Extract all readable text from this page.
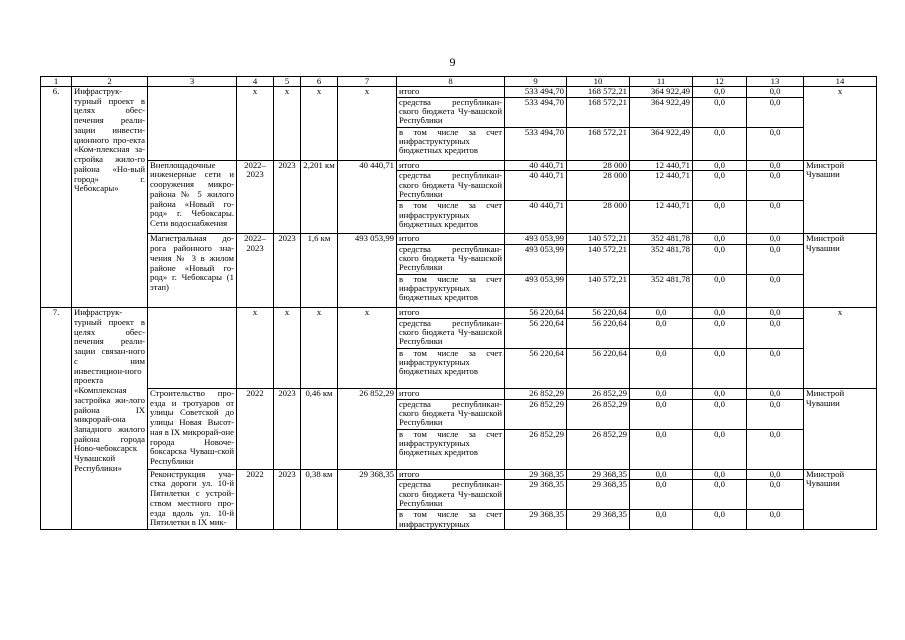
9
1	2	3	4	5	6	7	8	9	10	11	12	13	14
6.	Инфраструк-турный проект в целях обес-печения реали-зации инвести-ционного про-екта «Ком-плексная за-стройка жило-го района «Но-вый город» г. Чебоксары»		x	x	x	x	итого	533 494,70	168 572,21	364 922,49	0,0	0,0	x
							средства республикан-ского бюджета Чу-вашской Республики	533 494,70	168 572,21	364 922,49	0,0	0,0	
							в том числе за счет инфраструктурных бюджетных кредитов	533 494,70	168 572,21	364 922,49	0,0	0,0	
		Внеплощадочные инженерные сети и сооружения микро-района № 5 жилого района «Новый го-род» г. Чебоксары. Сети водоснабжения	2022–2023	2023	2,201 км	40 440,71	итого	40 440,71	28 000	12 440,71	0,0	0,0	Минстрой Чувашии
							средства республикан-ского бюджета Чу-вашской Республики	40 440,71	28 000	12 440,71	0,0	0,0	
							в том числе за счет инфраструктурных бюджетных кредитов	40 440,71	28 000	12 440,71	0,0	0,0	
		Магистральная до-рога районного зна-чения № 3 в жилом районе «Новый го-род» г. Чебоксары (1 этап)	2022–2023	2023	1,6 км	493 053,99	итого	493 053,99	140 572,21	352 481,78	0,0	0,0	Минстрой Чувашии
							средства республикан-ского бюджета Чу-вашской Республики	493 053,99	140 572,21	352 481,78	0,0	0,0	
							в том числе за счет инфраструктурных бюджетных кредитов	493 053,99	140 572,21	352 481,78	0,0	0,0	
7.	Инфраструк-турный проект в целях обес-печения реали-зации связан-ного с ним инвестицион-ного проекта «Комплексная застройка жи-лого района IX микрорай-она Западного жилого района города Ново-чебоксарск Чувашской Республики»		x	x	x	x	итого	56 220,64	56 220,64	0,0	0,0	0,0	x
							средства республикан-ского бюджета Чу-вашской Республики	56 220,64	56 220,64	0,0	0,0	0,0	
							в том числе за счет инфраструктурных бюджетных кредитов	56 220,64	56 220,64	0,0	0,0	0,0	
		Строительство про-езда и тротуаров от улицы Советской до улицы Новая Высот-ная в IX микрорай-оне города Новоче-боксарска Чуваш-ской Республики	2022	2023	0,46 км	26 852,29	итого	26 852,29	26 852,29	0,0	0,0	0,0	Минстрой Чувашии
							средства республикан-ского бюджета Чу-вашской Республики	26 852,29	26 852,29	0,0	0,0	0,0	
							в том числе за счет инфраструктурных бюджетных кредитов	26 852,29	26 852,29	0,0	0,0	0,0	
		Реконструкция уча-стка дороги ул. 10-й Пятилетки с устрой-ством местного про-езда вдоль ул. 10-й Пятилетки в IX мик-	2022	2023	0,38 км	29 368,35	итого	29 368,35	29 368,35	0,0	0,0	0,0	Минстрой Чувашии
							средства республикан-ского бюджета Чу-вашской Республики	29 368,35	29 368,35	0,0	0,0	0,0	
							в том числе за счет инфраструктурных	29 368,35	29 368,35	0,0	0,0	0,0	
